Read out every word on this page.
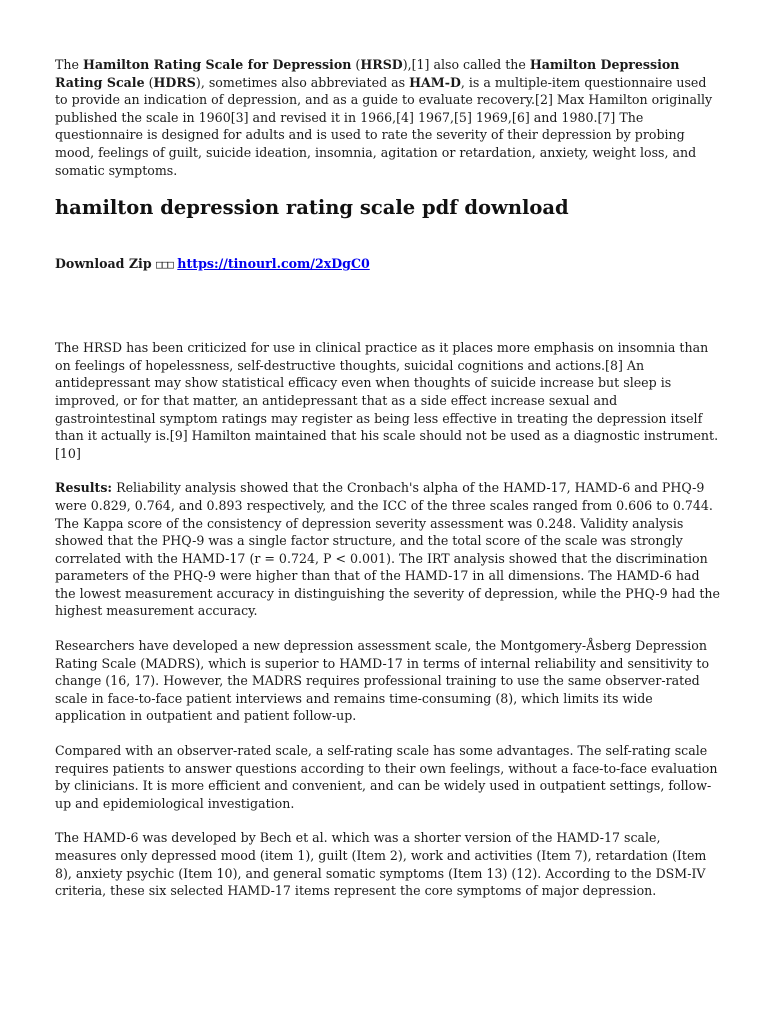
The Hamilton Rating Scale for Depression (HRSD),[1] also called the Hamilton Depression Rating Scale (HDRS), sometimes also abbreviated as HAM-D, is a multiple-item questionnaire used to provide an indication of depression, and as a guide to evaluate recovery.[2] Max Hamilton originally published the scale in 1960[3] and revised it in 1966,[4] 1967,[5] 1969,[6] and 1980.[7] The questionnaire is designed for adults and is used to rate the severity of their depression by probing mood, feelings of guilt, suicide ideation, insomnia, agitation or retardation, anxiety, weight loss, and somatic symptoms.

hamilton depression rating scale pdf download
Download Zip □□□ https://tinourl.com/2xDgC0

The HRSD has been criticized for use in clinical practice as it places more emphasis on insomnia than on feelings of hopelessness, self-destructive thoughts, suicidal cognitions and actions.[8] An antidepressant may show statistical efficacy even when thoughts of suicide increase but sleep is improved, or for that matter, an antidepressant that as a side effect increase sexual and gastrointestinal symptom ratings may register as being less effective in treating the depression itself than it actually is.[9] Hamilton maintained that his scale should not be used as a diagnostic instrument.[10]

Results: Reliability analysis showed that the Cronbach's alpha of the HAMD-17, HAMD-6 and PHQ-9 were 0.829, 0.764, and 0.893 respectively, and the ICC of the three scales ranged from 0.606 to 0.744. The Kappa score of the consistency of depression severity assessment was 0.248. Validity analysis showed that the PHQ-9 was a single factor structure, and the total score of the scale was strongly correlated with the HAMD-17 (r = 0.724, P < 0.001). The IRT analysis showed that the discrimination parameters of the PHQ-9 were higher than that of the HAMD-17 in all dimensions. The HAMD-6 had the lowest measurement accuracy in distinguishing the severity of depression, while the PHQ-9 had the highest measurement accuracy.

Researchers have developed a new depression assessment scale, the Montgomery-Åsberg Depression Rating Scale (MADRS), which is superior to HAMD-17 in terms of internal reliability and sensitivity to change (16, 17). However, the MADRS requires professional training to use the same observer-rated scale in face-to-face patient interviews and remains time-consuming (8), which limits its wide application in outpatient and patient follow-up.

Compared with an observer-rated scale, a self-rating scale has some advantages. The self-rating scale requires patients to answer questions according to their own feelings, without a face-to-face evaluation by clinicians. It is more efficient and convenient, and can be widely used in outpatient settings, follow-up and epidemiological investigation.

The HAMD-6 was developed by Bech et al. which was a shorter version of the HAMD-17 scale, measures only depressed mood (item 1), guilt (Item 2), work and activities (Item 7), retardation (Item 8), anxiety psychic (Item 10), and general somatic symptoms (Item 13) (12). According to the DSM-IV criteria, these six selected HAMD-17 items represent the core symptoms of major depression.
